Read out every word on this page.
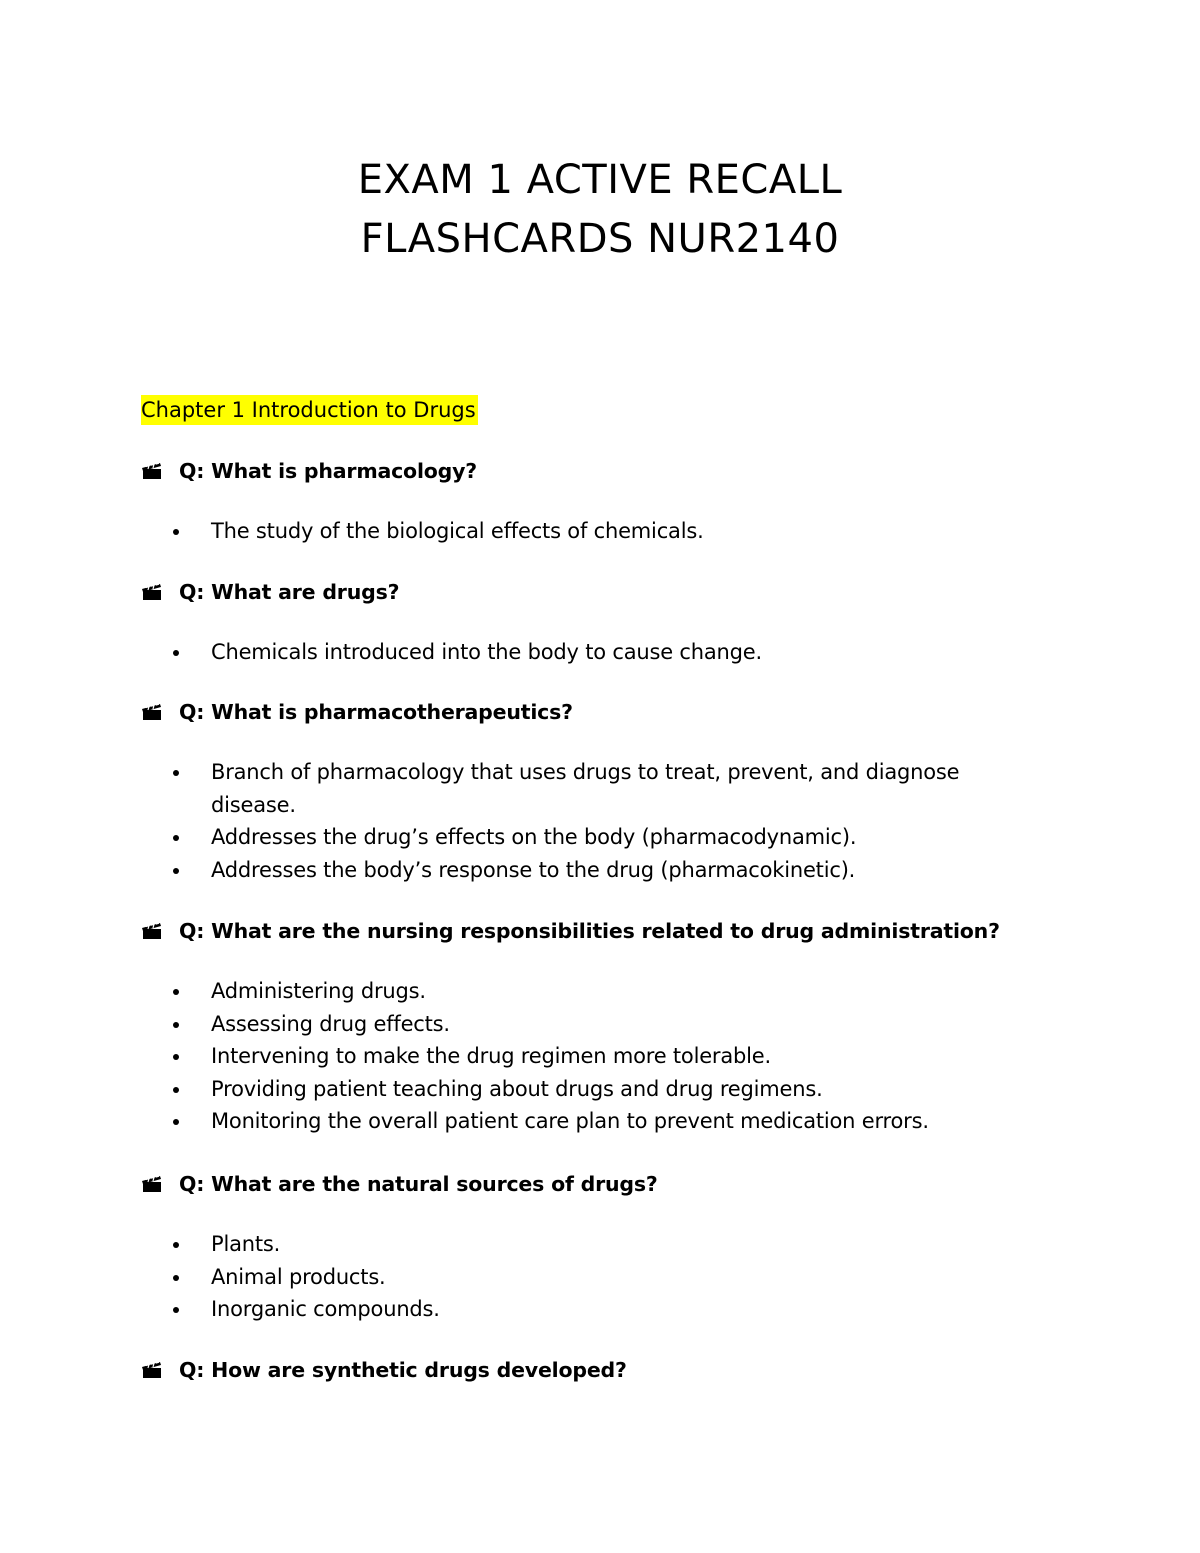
EXAM 1 ACTIVE RECALL
FLASHCARDS NUR2140

Chapter 1 Introduction to Drugs

Q: What is pharmacology?
The study of the biological effects of chemicals.
Q: What are drugs?
Chemicals introduced into the body to cause change.
Q: What is pharmacotherapeutics?
Branch of pharmacology that uses drugs to treat, prevent, and diagnose disease.
Addresses the drug’s effects on the body (pharmacodynamic).
Addresses the body’s response to the drug (pharmacokinetic).
Q: What are the nursing responsibilities related to drug administration?
Administering drugs.
Assessing drug effects.
Intervening to make the drug regimen more tolerable.
Providing patient teaching about drugs and drug regimens.
Monitoring the overall patient care plan to prevent medication errors.
Q: What are the natural sources of drugs?
Plants.
Animal products.
Inorganic compounds.
Q: How are synthetic drugs developed?
